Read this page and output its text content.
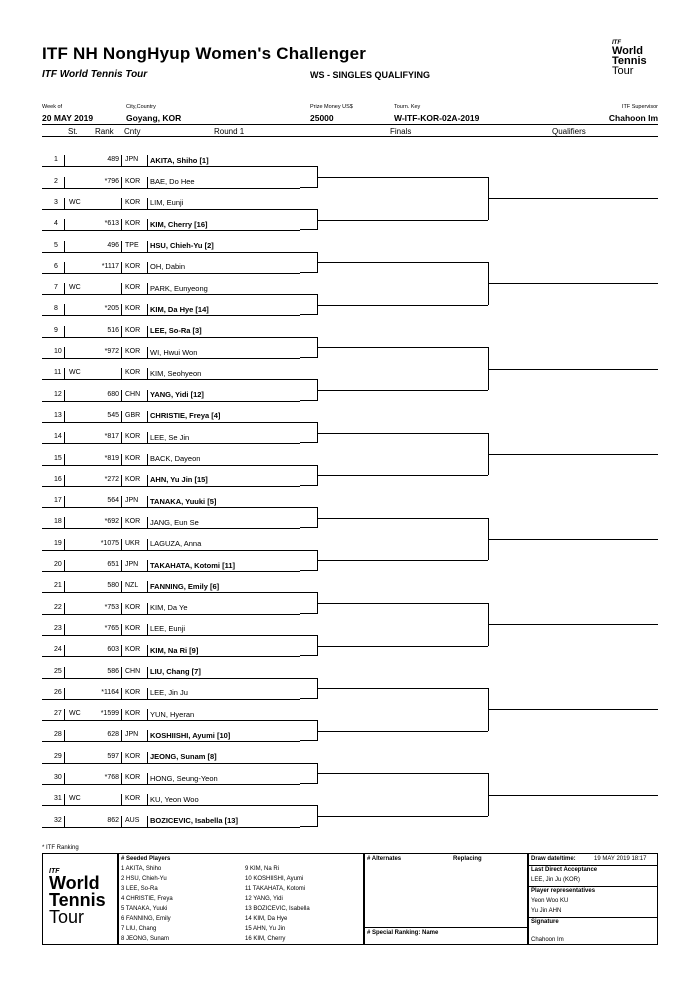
ITF NH NongHyup Women's Challenger
ITF World Tennis Tour	WS - SINGLES QUALIFYING
ITF
World
Tennis
Tour
Week of
20 MAY 2019
City,Country
Goyang, KOR
Prize Money US$
25000
Tourn. Key
W-ITF-KOR-02A-2019
ITF Supervisor
Chahoon Im
St. Rank Cnty	Round 1	Finals	Qualifiers
1	489 JPN AKITA, Shiho [1]
2	*796 KOR BAE, Do Hee
3 WC	KOR LIM, Eunji
4	*613 KOR KIM, Cherry [16]
5	496 TPE HSU, Chieh-Yu [2]
6	*1117 KOR OH, Dabin
7 WC	KOR PARK, Eunyeong
8	*205 KOR KIM, Da Hye [14]
9	516 KOR LEE, So-Ra [3]
10	*972 KOR WI, Hwui Won
11 WC	KOR KIM, Seohyeon
12	680 CHN YANG, Yidi [12]
13	545 GBR CHRISTIE, Freya [4]
14	*817 KOR LEE, Se Jin
15	*819 KOR BACK, Dayeon
16	*272 KOR AHN, Yu Jin [15]
17	564 JPN TANAKA, Yuuki [5]
18	*692 KOR JANG, Eun Se
19	*1075 UKR LAGUZA, Anna
20	651 JPN TAKAHATA, Kotomi [11]
21	580 NZL FANNING, Emily [6]
22	*753 KOR KIM, Da Ye
23	*765 KOR LEE, Eunji
24	603 KOR KIM, Na Ri [9]
25	586 CHN LIU, Chang [7]
26	*1164 KOR LEE, Jin Ju
27 WC	*1599 KOR YUN, Hyeran
28	628 JPN KOSHIISHI, Ayumi [10]
29	597 KOR JEONG, Sunam [8]
30	*768 KOR HONG, Seung-Yeon
31 WC	KOR KU, Yeon Woo
32	862 AUS BOZICEVIC, Isabella [13]
* ITF Ranking
ITF
World
Tennis
Tour
# Seeded Players
1 AKITA, Shiho
2 HSU, Chieh-Yu
3 LEE, So-Ra
4 CHRISTIE, Freya
5 TANAKA, Yuuki
6 FANNING, Emily
7 LIU, Chang
8 JEONG, Sunam
9 KIM, Na Ri
10 KOSHIISHI, Ayumi
11 TAKAHATA, Kotomi
12 YANG, Yidi
13 BOZICEVIC, Isabella
14 KIM, Da Hye
15 AHN, Yu Jin
16 KIM, Cherry
# Alternates	Replacing
# Special Ranking: Name
Draw date/time:	19 MAY 2019 18:17
Last Direct Acceptance
LEE, Jin Ju (KOR)
Player representatives
Yeon Woo KU
Yu Jin AHN
Signature
Chahoon Im
